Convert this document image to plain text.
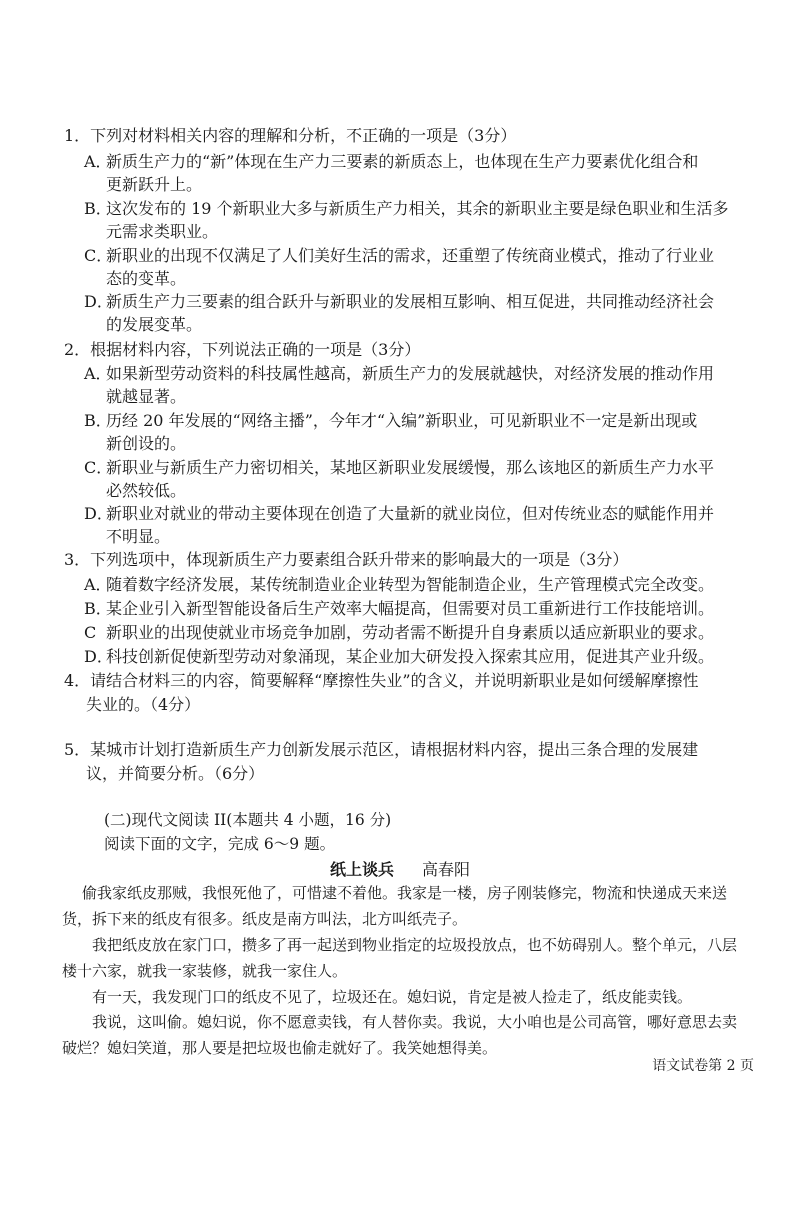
1．下列对材料相关内容的理解和分析，不正确的一项是（3分）
A．新质生产力的“新”体现在生产力三要素的新质态上，也体现在生产力要素优化组合和
更新跃升上。
B．这次发布的 19 个新职业大多与新质生产力相关，其余的新职业主要是绿色职业和生活多
元需求类职业。
C．新职业的出现不仅满足了人们美好生活的需求，还重塑了传统商业模式，推动了行业业
态的变革。
D．新质生产力三要素的组合跃升与新职业的发展相互影响、相互促进，共同推动经济社会
的发展变革。
2．根据材料内容，下列说法正确的一项是（3分）
A．如果新型劳动资料的科技属性越高，新质生产力的发展就越快，对经济发展的推动作用
就越显著。
B．历经 20 年发展的“网络主播”，今年才“入编”新职业，可见新职业不一定是新出现或
新创设的。
C．新职业与新质生产力密切相关，某地区新职业发展缓慢，那么该地区的新质生产力水平
必然较低。
D．新职业对就业的带动主要体现在创造了大量新的就业岗位，但对传统业态的赋能作用并
不明显。
3．下列选项中，体现新质生产力要素组合跃升带来的影响最大的一项是（3分）
A．随着数字经济发展，某传统制造业企业转型为智能制造企业，生产管理模式完全改变。
B．某企业引入新型智能设备后生产效率大幅提高，但需要对员工重新进行工作技能培训。
C 新职业的出现使就业市场竞争加剧，劳动者需不断提升自身素质以适应新职业的要求。
D．科技创新促使新型劳动对象涌现，某企业加大研发投入探索其应用，促进其产业升级。
4．请结合材料三的内容，简要解释“摩擦性失业”的含义，并说明新职业是如何缓解摩擦性
失业的。（4分）
5．某城市计划打造新质生产力创新发展示范区，请根据材料内容，提出三条合理的发展建
议，并简要分析。（6分）
(二)现代文阅读 II(本题共 4 小题，16 分)
阅读下面的文字，完成 6～9 题。
纸上谈兵 高春阳
偷我家纸皮那贼，我恨死他了，可惜逮不着他。我家是一楼，房子刚装修完，物流和快递成天来送货，拆下来的纸皮有很多。纸皮是南方叫法，北方叫纸壳子。
我把纸皮放在家门口，攒多了再一起送到物业指定的垃圾投放点，也不妨碍别人。整个单元，八层楼十六家，就我一家装修，就我一家住人。
有一天，我发现门口的纸皮不见了，垃圾还在。媳妇说，肯定是被人捡走了，纸皮能卖钱。
我说，这叫偷。媳妇说，你不愿意卖钱，有人替你卖。我说，大小咱也是公司高管，哪好意思去卖破烂？媳妇笑道，那人要是把垃圾也偷走就好了。我笑她想得美。
语文试卷第 2 页
